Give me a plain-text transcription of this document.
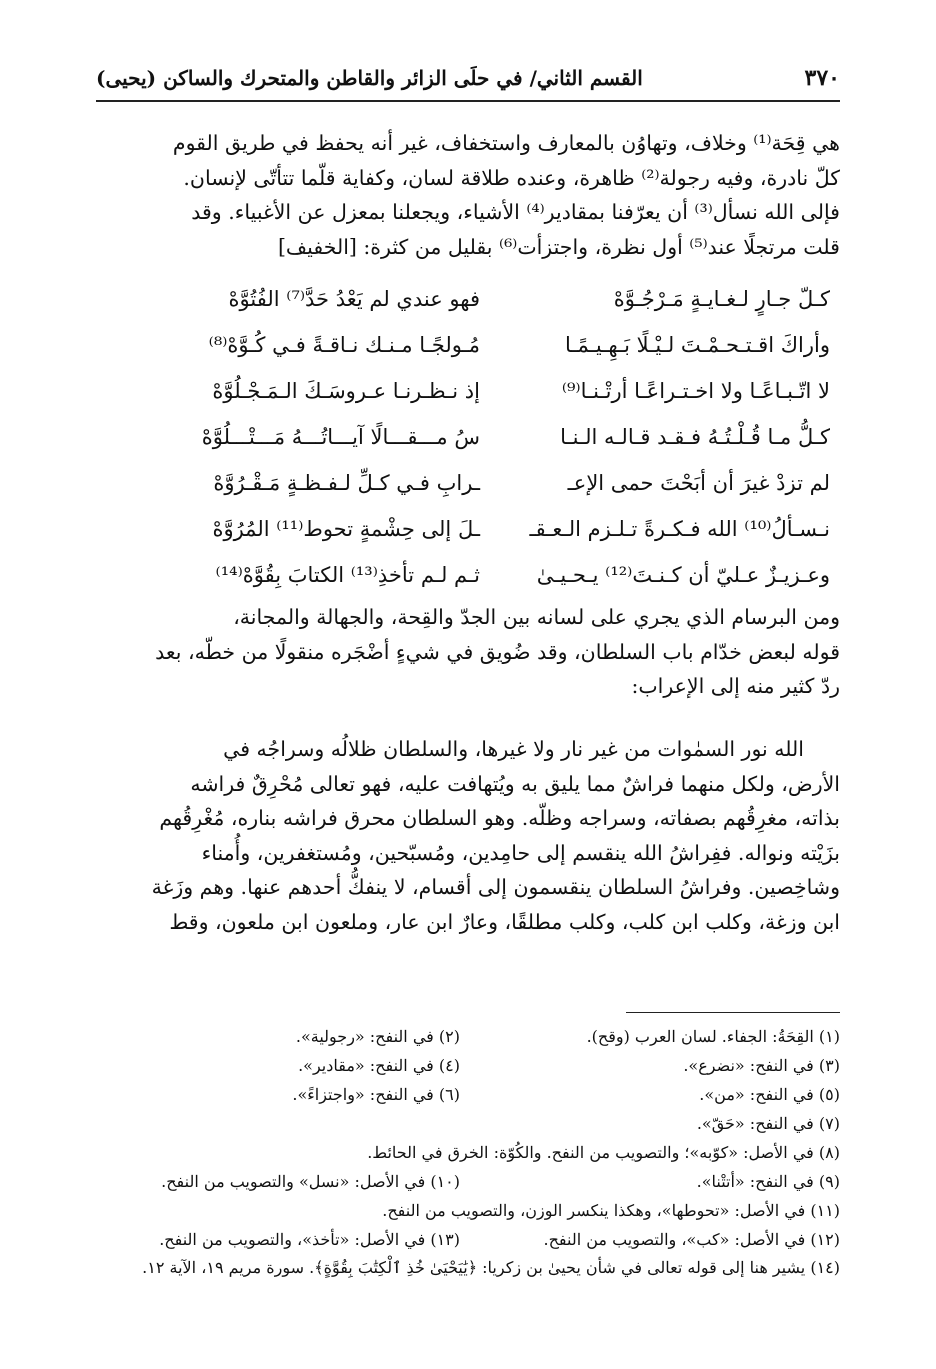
٣٧٠
القسم الثاني/ في حلَى الزائر والقاطن والمتحرك والساكن (يحيى)
هي قِحَة⁽¹⁾ وخلاف، وتهاوُن بالمعارف واستخفاف، غير أنه يحفظ في طريق القوم
كلّ نادرة، وفيه رجولة⁽²⁾ ظاهرة، وعنده طلاقة لسان، وكفاية قلّما تتأتّى لإنسان.
فإلى الله نسأل⁽³⁾ أن يعرّفنا بمقادير⁽⁴⁾ الأشياء، ويجعلنا بمعزل عن الأغبياء. وقد
قلت مرتجلًا عند⁽⁵⁾ أول نظرة، واجتزأت⁽⁶⁾ بقليل من كثرة: [الخفيف]
كـلّ جـارٍ لـغـايـةٍ مَـرْجُـوَّهْ
فهو عندي لم يَعْدُ حَدَّ⁽⁷⁾ الفُتُوَّهْ
وأراكَ اقـتـحـمْـتَ لـيْـلًا بَـهِـيـمًـا
مُـولجًـا مـنـك نـاقـةً فـي كُـوَّهْ⁽⁸⁾
لا اتّـبـاعًـا ولا اخـتـراعًـا أرتْـنـا⁽⁹⁾
إذ نـظـرنـا عـروسَـكَ الـمَـجْـلُوَّهْ
كـلُّ مـا قُـلْـتُـهُ فـقـد قـالـه الـنـا
سُ مـــقـــالًا آيـــاتُـــهُ مَـــتْـــلُوَّهْ
لم تزدْ غيرَ أن أبَحْتَ حمى الإعـ
ـرابِ فـي كـلِّ لـفـظـةٍ مَـقْـرُوَّهْ
نـسـألُ⁽¹⁰⁾ الله فـكـرةً تـلـزم الـعـقـ
ـلَ إلى حِشْمةٍ تحوط⁽¹¹⁾ المُرُوَّهْ
وعـزيـزٌ عـليّ أن كـنـتَ⁽¹²⁾ يـحـيـىٰ
ثـم لـم تأخذِ⁽¹³⁾ الكتابَ بِقُوَّهْ⁽¹⁴⁾
ومن البرسام الذي يجري على لسانه بين الجدّ والقِحة، والجهالة والمجانة،
قوله لبعض خدّام باب السلطان، وقد ضُويق في شيءٍ أضْجَره منقولًا من خطّه، بعد
ردّ كثير منه إلى الإعراب:
الله نور السمٰوات من غير نار ولا غيرها، والسلطان ظلالُه وسراجُه في
الأرض، ولكل منهما فراشٌ مما يليق به ويُتهافت عليه، فهو تعالى مُحْرِقٌ فراشه
بذاته، مغرِقُهم بصفاته، وسراجه وظلّه. وهو السلطان محرق فراشه بناره، مُغْرِقُهم
بزَيْته ونواله. ففِراشُ الله ينقسم إلى حامِدين، ومُسبّحين، ومُستغفرين، وأُمناء
وشاخِصين. وفراشُ السلطان ينقسمون إلى أقسام، لا ينفكُّ أحدهم عنها. وهم وزَغة
ابن وزغة، وكلب ابن كلب، وكلب مطلقًا، وعارٌ ابن عار، وملعون ابن ملعون، وقط
(١) القِحَةُ: الجفاء. لسان العرب (وقح).
(٢) في النفح: «رجولية».
(٣) في النفح: «نضرع».
(٤) في النفح: «مقادير».
(٥) في النفح: «من».
(٦) في النفح: «واجتزاءً».
(٧) في النفح: «حَقّ».
(٨) في الأصل: «كوّبه»؛ والتصويب من النفح. والكُوّة: الخرق في الحائط.
(٩) في النفح: «أتتْنا».
(١٠) في الأصل: «نسل» والتصويب من النفح.
(١١) في الأصل: «تحوطها»، وهكذا ينكسر الوزن، والتصويب من النفح.
(١٢) في الأصل: «كب»، والتصويب من النفح.
(١٣) في الأصل: «تأخذ»، والتصويب من النفح.
(١٤) يشير هنا إلى قوله تعالى في شأن يحيىٰ بن زكريا: ﴿يَٰيَحْيَىٰ خُذِ ٱلْكِتَٰبَ بِقُوَّةٍ﴾. سورة مريم ١٩، الآية ١٢.
